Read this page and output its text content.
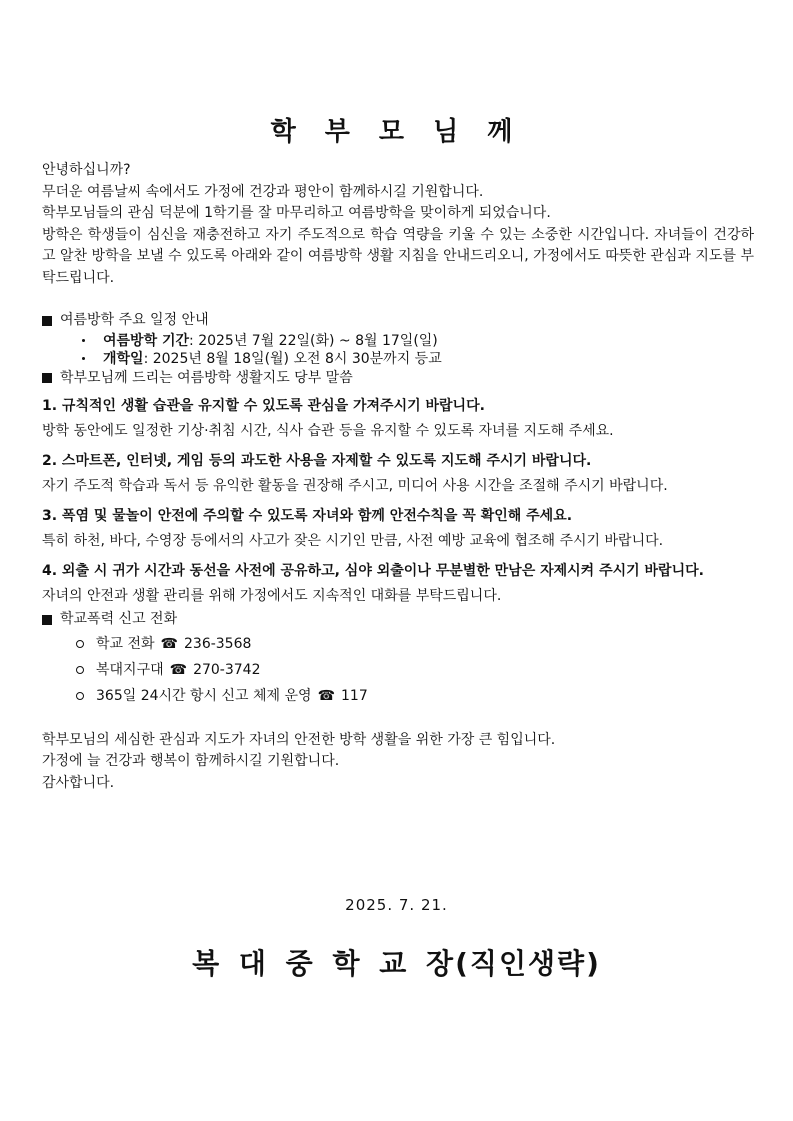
학 부 모 님 께

안녕하십니까?

무더운 여름날씨 속에서도 가정에 건강과 평안이 함께하시길 기원합니다.

학부모님들의 관심 덕분에 1학기를 잘 마무리하고 여름방학을 맞이하게 되었습니다.

방학은 학생들이 심신을 재충전하고 자기 주도적으로 학습 역량을 키울 수 있는 소중한 시간입니다. 자녀들이 건강하고 알찬 방학을 보낼 수 있도록 아래와 같이 여름방학 생활 지침을 안내드리오니, 가정에서도 따뜻한 관심과 지도를 부탁드립니다.

여름방학 주요 일정 안내
여름방학 기간 : 2025년 7월 22일(화) ~ 8월 17일(일)
개학일 : 2025년 8월 18일(월) 오전 8시 30분까지 등교
학부모님께 드리는 여름방학 생활지도 당부 말씀

1. 규칙적인 생활 습관을 유지할 수 있도록 관심을 가져주시기 바랍니다.

방학 동안에도 일정한 기상·취침 시간, 식사 습관 등을 유지할 수 있도록 자녀를 지도해 주세요.

2. 스마트폰, 인터넷, 게임 등의 과도한 사용을 자제할 수 있도록 지도해 주시기 바랍니다.

자기 주도적 학습과 독서 등 유익한 활동을 권장해 주시고, 미디어 사용 시간을 조절해 주시기 바랍니다.

3. 폭염 및 물놀이 안전에 주의할 수 있도록 자녀와 함께 안전수칙을 꼭 확인해 주세요.

특히 하천, 바다, 수영장 등에서의 사고가 잦은 시기인 만큼, 사전 예방 교육에 협조해 주시기 바랍니다.

4. 외출 시 귀가 시간과 동선을 사전에 공유하고, 심야 외출이나 무분별한 만남은 자제시켜 주시기 바랍니다.

자녀의 안전과 생활 관리를 위해 가정에서도 지속적인 대화를 부탁드립니다.

학교폭력 신고 전화
학교 전화 ☎ 236-3568
복대지구대 ☎ 270-3742
365일 24시간 항시 신고 체제 운영 ☎ 117

학부모님의 세심한 관심과 지도가 자녀의 안전한 방학 생활을 위한 가장 큰 힘입니다.

가정에 늘 건강과 행복이 함께하시길 기원합니다.

감사합니다.

2025. 7. 21.
복 대 중 학 교 장(직인생략)
